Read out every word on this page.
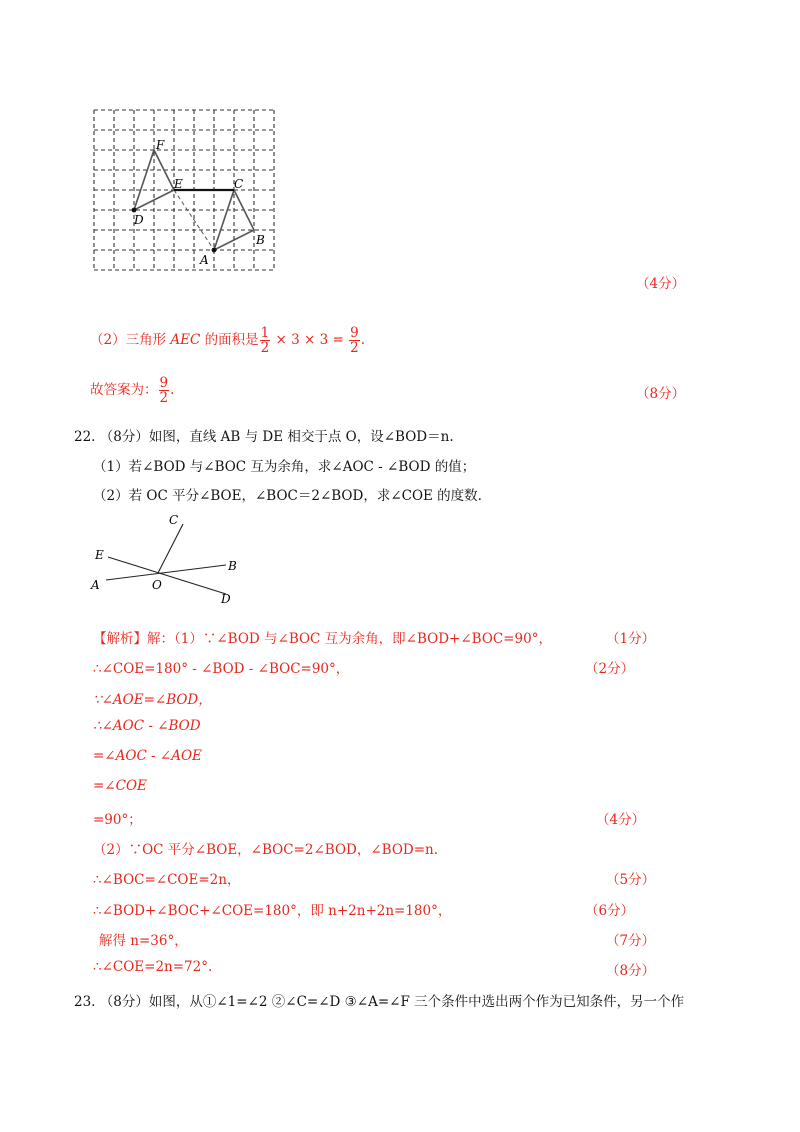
F
E	C
D
B
A
（4分）
（2）三角形 AEC 的面积是 $\frac{1}{2} \times 3 \times 3 = \frac{9}{2}$ .
故答案为： $\frac{9}{2}$ .	（8分）
22. （8分）如图，直线 AB 与 DE 相交于点 O，设∠BOD＝n.
（1）若∠BOD 与∠BOC 互为余角，求∠AOC - ∠BOD 的值；
（2）若 OC 平分∠BOE，∠BOC＝2∠BOD，求∠COE 的度数.
C
E
B
A	O
D
【解析】解：（1）∵∠BOD 与∠BOC 互为余角，即∠BOD+∠BOC=90°，	（1分）
∴∠COE=180° - ∠BOD - ∠BOC=90°，	（2分）
∵∠AOE=∠BOD，
∴∠AOC - ∠BOD
=∠AOC - ∠AOE
=∠COE
=90°；	（4分）
（2）∵OC 平分∠BOE，∠BOC=2∠BOD，∠BOD=n.
∴∠BOC=∠COE=2n，	（5分）
∴∠BOD+∠BOC+∠COE=180°，即 n+2n+2n=180°，	（6分）
解得 n=36°，	（7分）
∴∠COE=2n=72°.	（8分）
23. （8分）如图，从①∠1=∠2 ②∠C=∠D ③∠A=∠F 三个条件中选出两个作为已知条件，另一个作
